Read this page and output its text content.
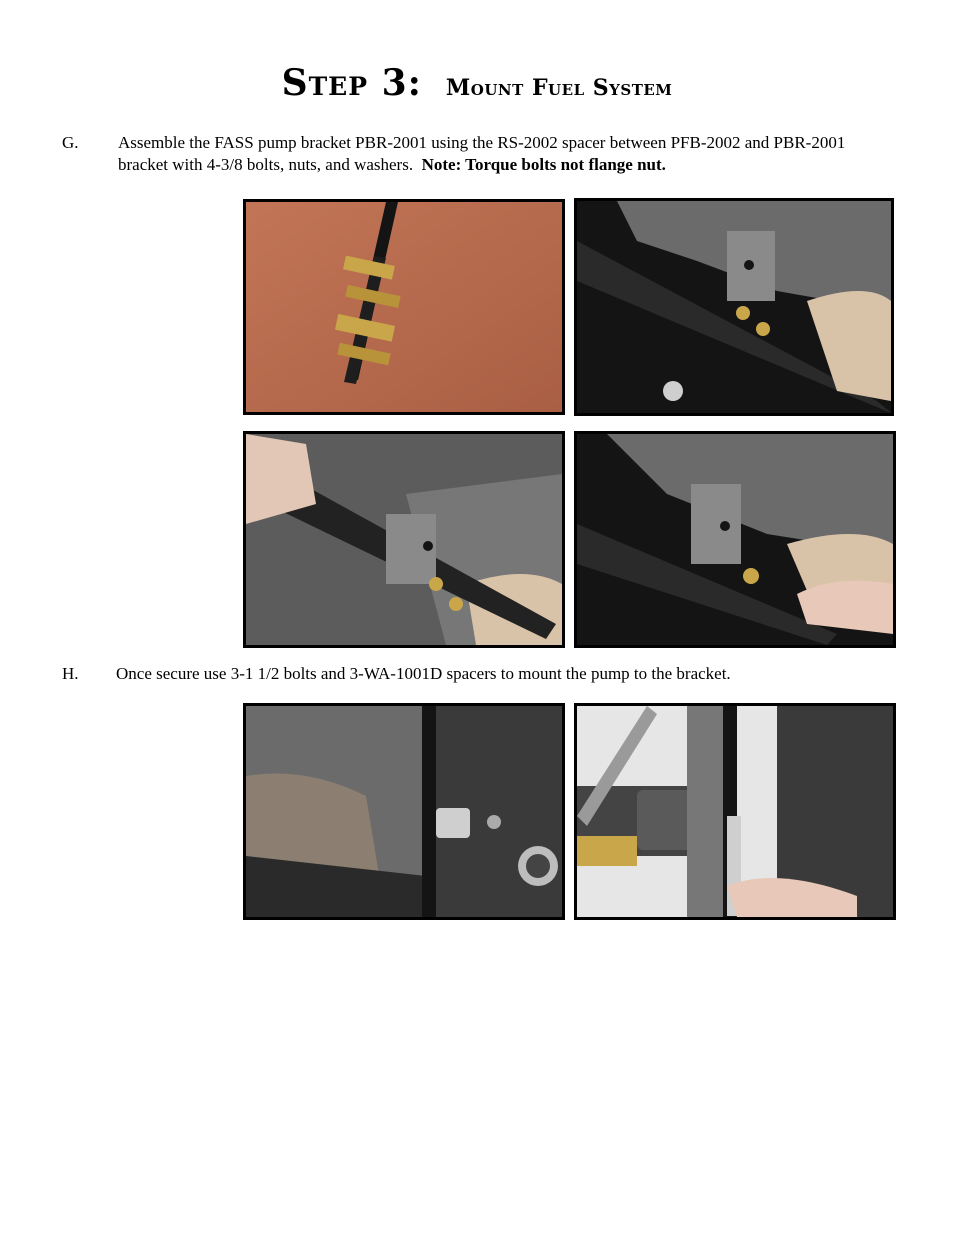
Step 3: Mount Fuel System
G. Assemble the FASS pump bracket PBR-2001 using the RS-2002 spacer between PFB-2002 and PBR-2001 bracket with 4-3/8 bolts, nuts, and washers. Note: Torque bolts not flange nut.
H. Once secure use 3-1 1/2 bolts and 3-WA-1001D spacers to mount the pump to the bracket.
